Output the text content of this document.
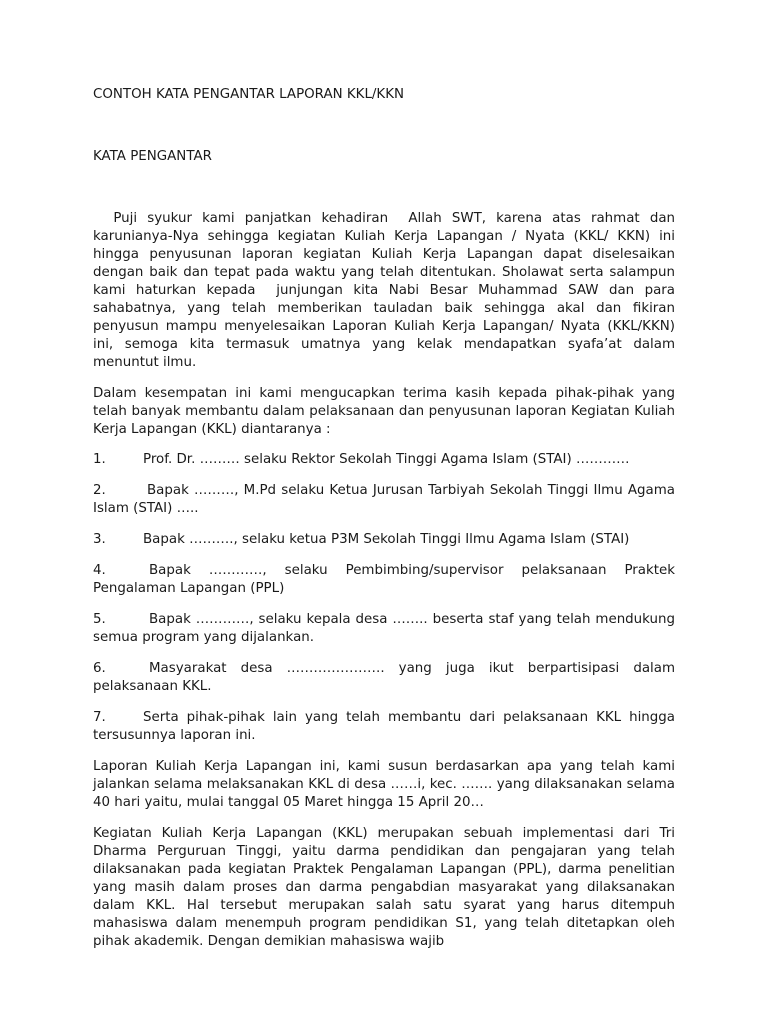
CONTOH KATA PENGANTAR LAPORAN KKL/KKN
KATA PENGANTAR

Puji syukur kami panjatkan kehadiran  Allah SWT, karena atas rahmat dan karunianya-Nya sehingga kegiatan Kuliah Kerja Lapangan / Nyata (KKL/ KKN) ini hingga penyusunan laporan kegiatan Kuliah Kerja Lapangan dapat diselesaikan dengan baik dan tepat pada waktu yang telah ditentukan. Sholawat serta salampun kami haturkan kepada  junjungan kita Nabi Besar Muhammad SAW dan para sahabatnya, yang telah memberikan tauladan baik sehingga akal dan fikiran penyusun mampu menyelesaikan Laporan Kuliah Kerja Lapangan/ Nyata (KKL/KKN) ini, semoga kita termasuk umatnya yang kelak mendapatkan syafa’at dalam menuntut ilmu.

Dalam kesempatan ini kami mengucapkan terima kasih kepada pihak-pihak yang telah banyak membantu dalam pelaksanaan dan penyusunan laporan Kegiatan Kuliah Kerja Lapangan (KKL) diantaranya :

1.	Prof. Dr. ……… selaku Rektor Sekolah Tinggi Agama Islam (STAI) …………
2.	Bapak ………, M.Pd selaku Ketua Jurusan Tarbiyah Sekolah Tinggi Ilmu Agama Islam (STAI) …..
3.	Bapak ………., selaku ketua P3M Sekolah Tinggi Ilmu Agama Islam (STAI)
4.	Bapak …………, selaku Pembimbing/supervisor pelaksanaan Praktek Pengalaman Lapangan (PPL)
5.	Bapak …………, selaku kepala desa …….. beserta staf yang telah mendukung semua program yang dijalankan.
6.	Masyarakat desa …………………. yang juga ikut berpartisipasi dalam pelaksanaan KKL.
7.	Serta pihak-pihak lain yang telah membantu dari pelaksanaan KKL hingga tersusunnya laporan ini.

Laporan Kuliah Kerja Lapangan ini, kami susun berdasarkan apa yang telah kami jalankan selama melaksanakan KKL di desa ……i, kec. ……. yang dilaksanakan selama 40 hari yaitu, mulai tanggal 05 Maret hingga 15 April 20…

Kegiatan Kuliah Kerja Lapangan (KKL) merupakan sebuah implementasi dari Tri Dharma Perguruan Tinggi, yaitu darma pendidikan dan pengajaran yang telah dilaksanakan pada kegiatan Praktek Pengalaman Lapangan (PPL), darma penelitian yang masih dalam proses dan darma pengabdian masyarakat yang dilaksanakan dalam KKL. Hal tersebut merupakan salah satu syarat yang harus ditempuh mahasiswa dalam menempuh program pendidikan S1, yang telah ditetapkan oleh pihak akademik. Dengan demikian mahasiswa wajib
